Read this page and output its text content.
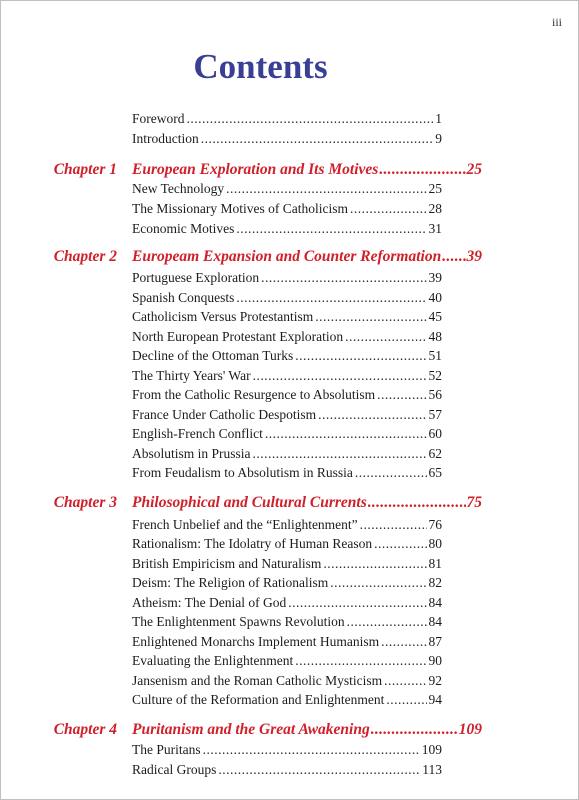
iii
Contents
Foreword .....	1
Introduction .....	9
Chapter 1 European Exploration and Its Motives .....	25
New Technology .....	25
The Missionary Motives of Catholicism .....	28
Economic Motives .....	31
Chapter 2 Europeam Expansion and Counter Reformation ..... 39
Portuguese Exploration .....	39
Spanish Conquests .....	40
Catholicism Versus Protestantism .....	45
North European Protestant Exploration .....	48
Decline of the Ottoman Turks .....	51
The Thirty Years' War .....	52
From the Catholic Resurgence to Absolutism .....	56
France Under Catholic Despotism .....	57
English-French Conflict .....	60
Absolutism in Prussia .....	62
From Feudalism to Absolutism in Russia .....	65
Chapter 3 Philosophical and Cultural Currents .....	75
French Unbelief and the “Enlightenment” .....	76
Rationalism: The Idolatry of Human Reason .....	80
British Empiricism and Naturalism .....	81
Deism: The Religion of Rationalism .....	82
Atheism: The Denial of God .....	84
The Enlightenment Spawns Revolution .....	84
Enlightened Monarchs Implement Humanism .....	87
Evaluating the Enlightenment .....	90
Jansenism and the Roman Catholic Mysticism .....	92
Culture of the Reformation and Enlightenment .....	94
Chapter 4 Puritanism and the Great Awakening .....	109
The Puritans .....	109
Radical Groups .....	113
